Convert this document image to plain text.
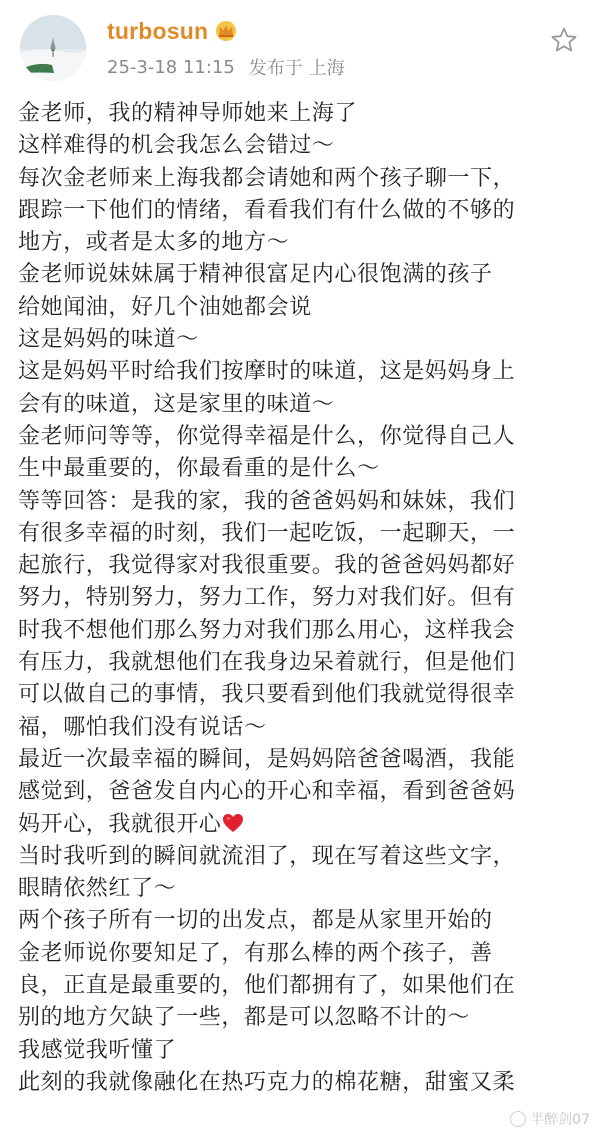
turbosun
25-3-18 11:15 发布于 上海
金老师，我的精神导师她来上海了
这样难得的机会我怎么会错过～
每次金老师来上海我都会请她和两个孩子聊一下，
跟踪一下他们的情绪，看看我们有什么做的不够的
地方，或者是太多的地方～
金老师说妹妹属于精神很富足内心很饱满的孩子
给她闻油，好几个油她都会说
这是妈妈的味道～
这是妈妈平时给我们按摩时的味道，这是妈妈身上
会有的味道，这是家里的味道～
金老师问等等，你觉得幸福是什么，你觉得自己人
生中最重要的，你最看重的是什么～
等等回答：是我的家，我的爸爸妈妈和妹妹，我们
有很多幸福的时刻，我们一起吃饭，一起聊天，一
起旅行，我觉得家对我很重要。我的爸爸妈妈都好
努力，特别努力，努力工作，努力对我们好。但有
时我不想他们那么努力对我们那么用心，这样我会
有压力，我就想他们在我身边呆着就行，但是他们
可以做自己的事情，我只要看到他们我就觉得很幸
福，哪怕我们没有说话～
最近一次最幸福的瞬间，是妈妈陪爸爸喝酒，我能
感觉到，爸爸发自内心的开心和幸福，看到爸爸妈
妈开心，我就很开心
当时我听到的瞬间就流泪了，现在写着这些文字，
眼睛依然红了～
两个孩子所有一切的出发点，都是从家里开始的
金老师说你要知足了，有那么棒的两个孩子，善
良，正直是最重要的，他们都拥有了，如果他们在
别的地方欠缺了一些，都是可以忽略不计的～
我感觉我听懂了
此刻的我就像融化在热巧克力的棉花糖，甜蜜又柔
半醉剑07
